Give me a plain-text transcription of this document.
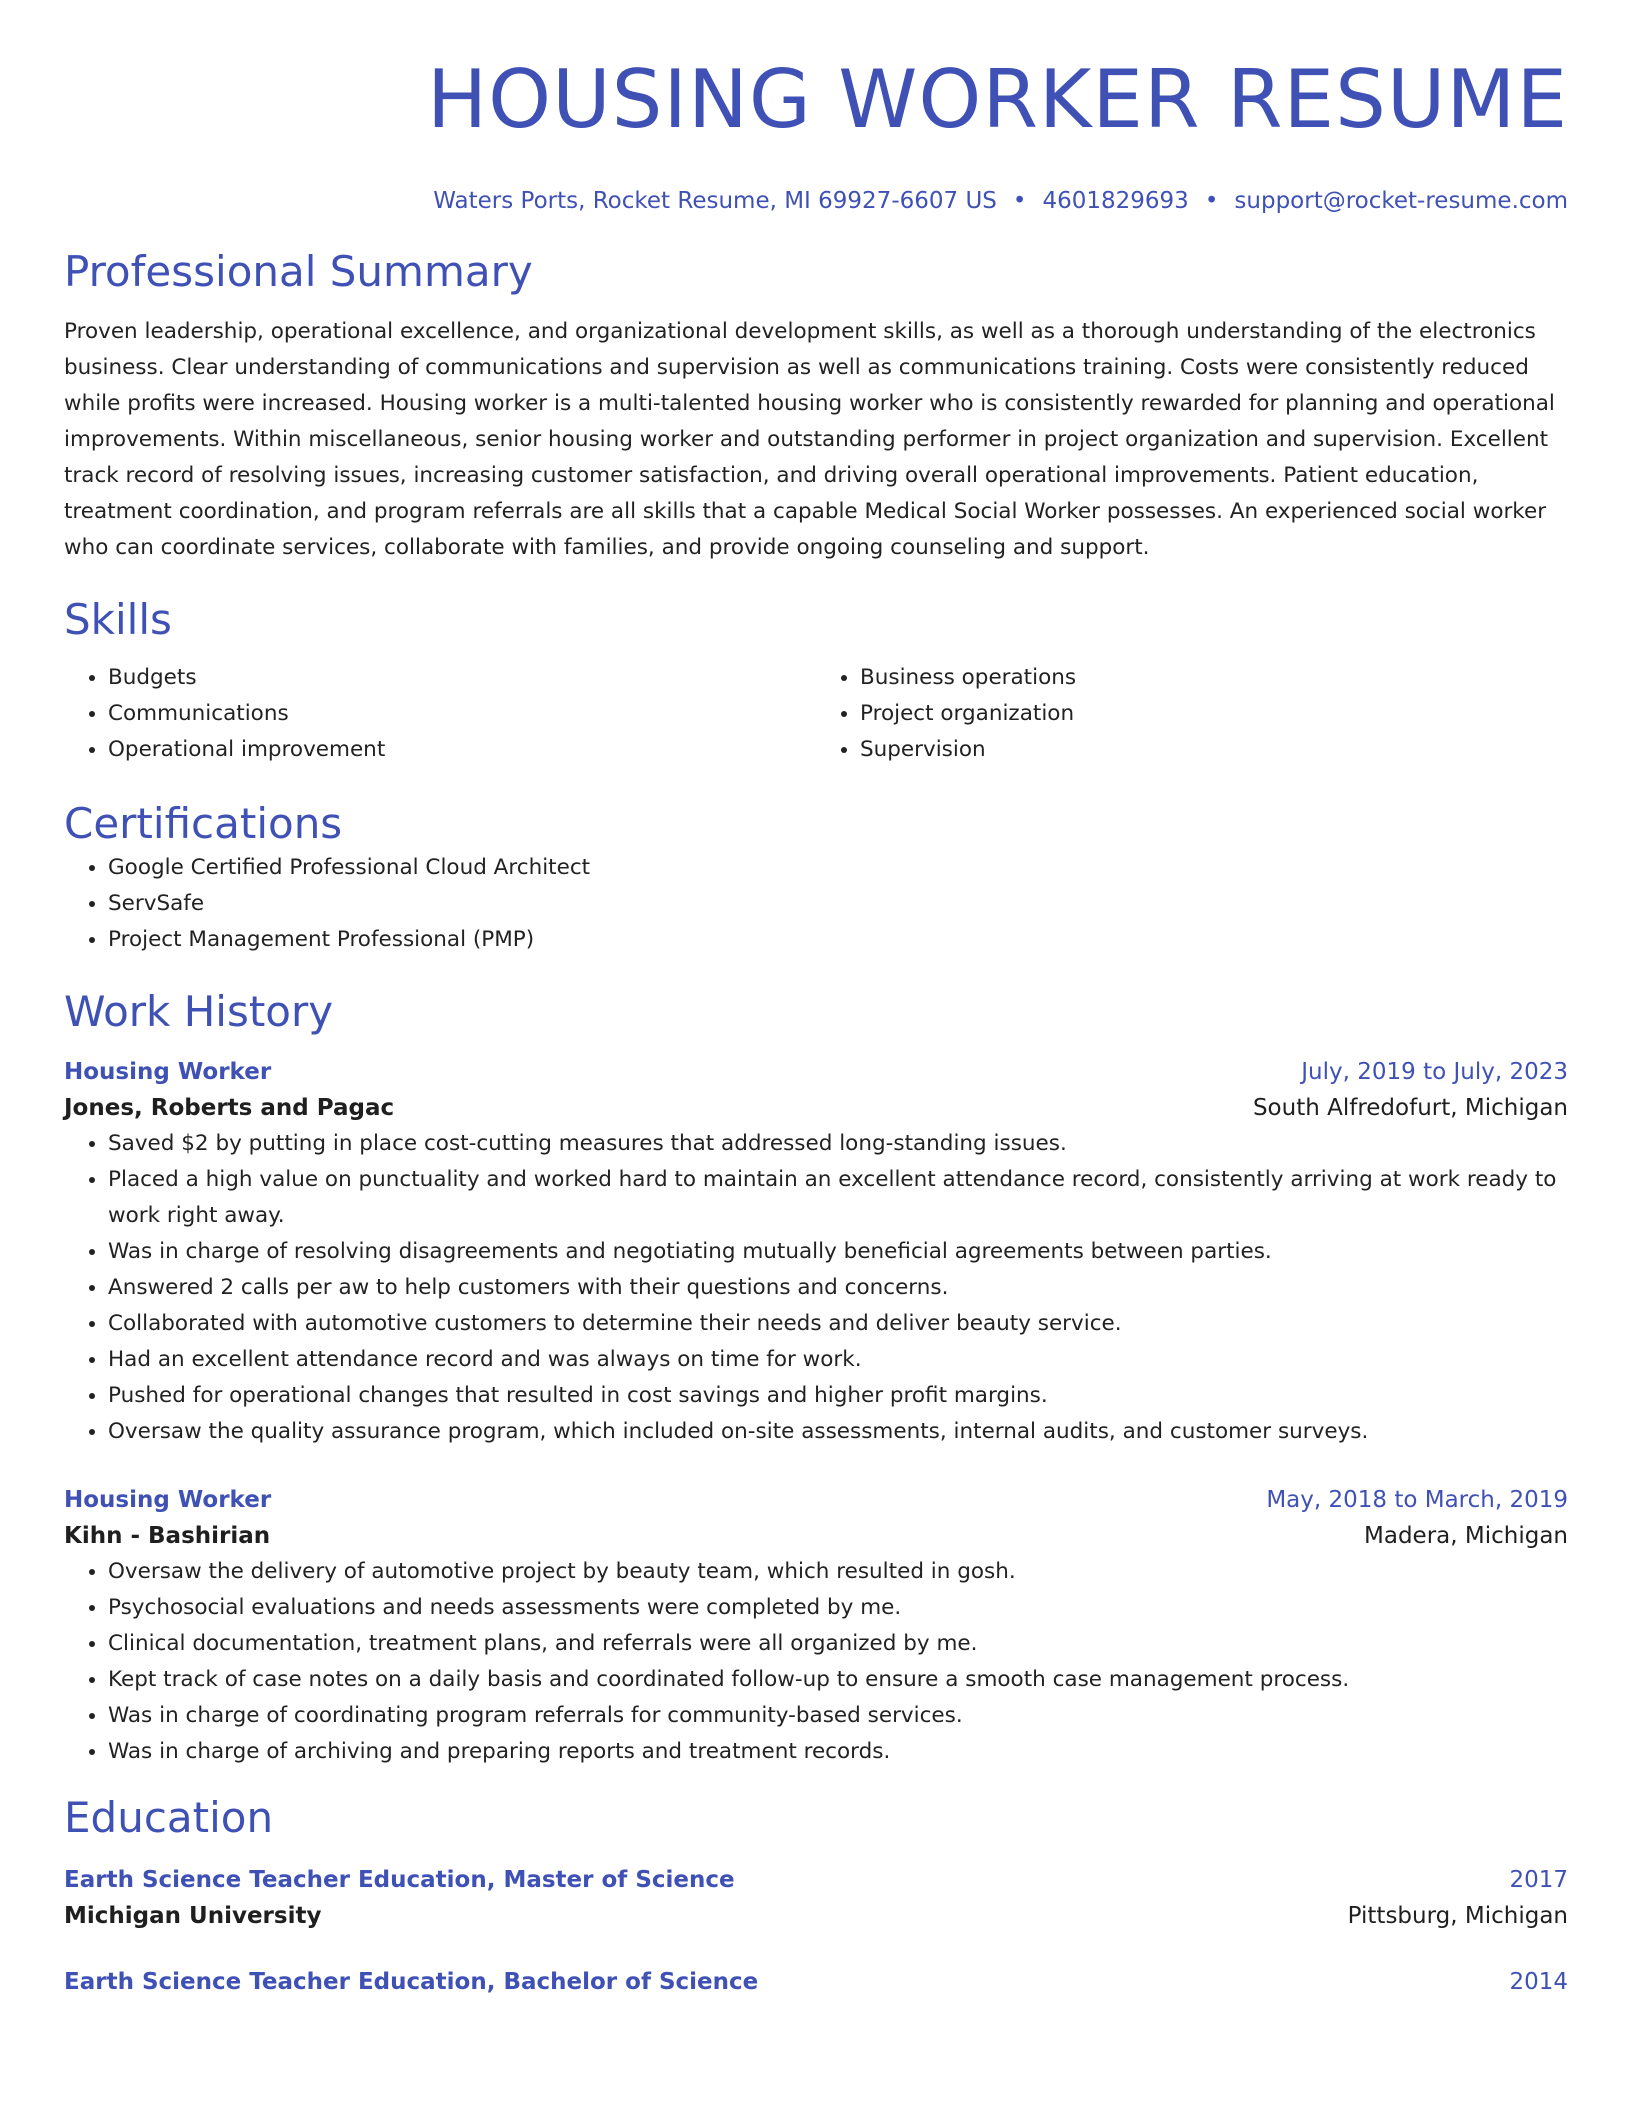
HOUSING WORKER RESUME
Waters Ports, Rocket Resume, MI 69927-6607 US • 4601829693 • support@rocket-resume.com
Professional Summary

Proven leadership, operational excellence, and organizational development skills, as well as a thorough understanding of the electronics business. Clear understanding of communications and supervision as well as communications training. Costs were consistently reduced while profits were increased. Housing worker is a multi-talented housing worker who is consistently rewarded for planning and operational improvements. Within miscellaneous, senior housing worker and outstanding performer in project organization and supervision. Excellent track record of resolving issues, increasing customer satisfaction, and driving overall operational improvements. Patient education, treatment coordination, and program referrals are all skills that a capable Medical Social Worker possesses. An experienced social worker who can coordinate services, collaborate with families, and provide ongoing counseling and support.

Skills
• Budgets
• Communications
• Operational improvement
• Business operations
• Project organization
• Supervision
Certifications
• Google Certified Professional Cloud Architect
• ServSafe
• Project Management Professional (PMP)
Work History
Housing Worker	July, 2019 to July, 2023
Jones, Roberts and Pagac	South Alfredofurt, Michigan
• Saved $2 by putting in place cost-cutting measures that addressed long-standing issues.
• Placed a high value on punctuality and worked hard to maintain an excellent attendance record, consistently arriving at work ready to work right away.
• Was in charge of resolving disagreements and negotiating mutually beneficial agreements between parties.
• Answered 2 calls per aw to help customers with their questions and concerns.
• Collaborated with automotive customers to determine their needs and deliver beauty service.
• Had an excellent attendance record and was always on time for work.
• Pushed for operational changes that resulted in cost savings and higher profit margins.
• Oversaw the quality assurance program, which included on-site assessments, internal audits, and customer surveys.
Housing Worker	May, 2018 to March, 2019
Kihn - Bashirian	Madera, Michigan
• Oversaw the delivery of automotive project by beauty team, which resulted in gosh.
• Psychosocial evaluations and needs assessments were completed by me.
• Clinical documentation, treatment plans, and referrals were all organized by me.
• Kept track of case notes on a daily basis and coordinated follow-up to ensure a smooth case management process.
• Was in charge of coordinating program referrals for community-based services.
• Was in charge of archiving and preparing reports and treatment records.
Education
Earth Science Teacher Education, Master of Science	2017
Michigan University	Pittsburg, Michigan
Earth Science Teacher Education, Bachelor of Science	2014
